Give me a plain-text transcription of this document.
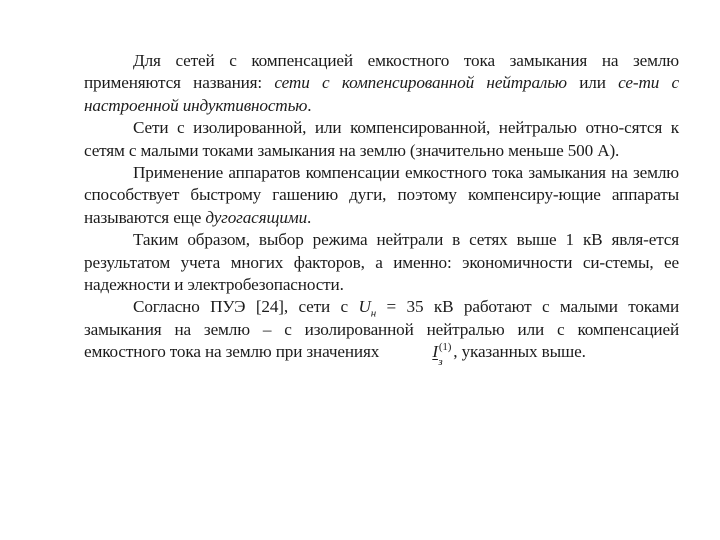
Для сетей с компенсацией емкостного тока замыкания на землю применяются названия: сети с компенсированной нейтралью или се-ти с настроенной индуктивностью.

Сети с изолированной, или компенсированной, нейтралью отно-сятся к сетям с малыми токами замыкания на землю (значительно меньше 500 А).

Применение аппаратов компенсации емкостного тока замыкания на землю способствует быстрому гашению дуги, поэтому компенсиру-ющие аппараты называются еще дугогасящими.

Таким образом, выбор режима нейтрали в сетях выше 1 кВ явля-ется результатом учета многих факторов, а именно: экономичности си-стемы, ее надежности и электробезопасности.

Согласно ПУЭ [24], сети с $U_н = 35$ кВ работают с малыми токами замыкания на землю – с изолированной нейтралью или с компенсацией емкостного тока на землю при значениях	$I^{(1)}$
з
, указанных выше.
